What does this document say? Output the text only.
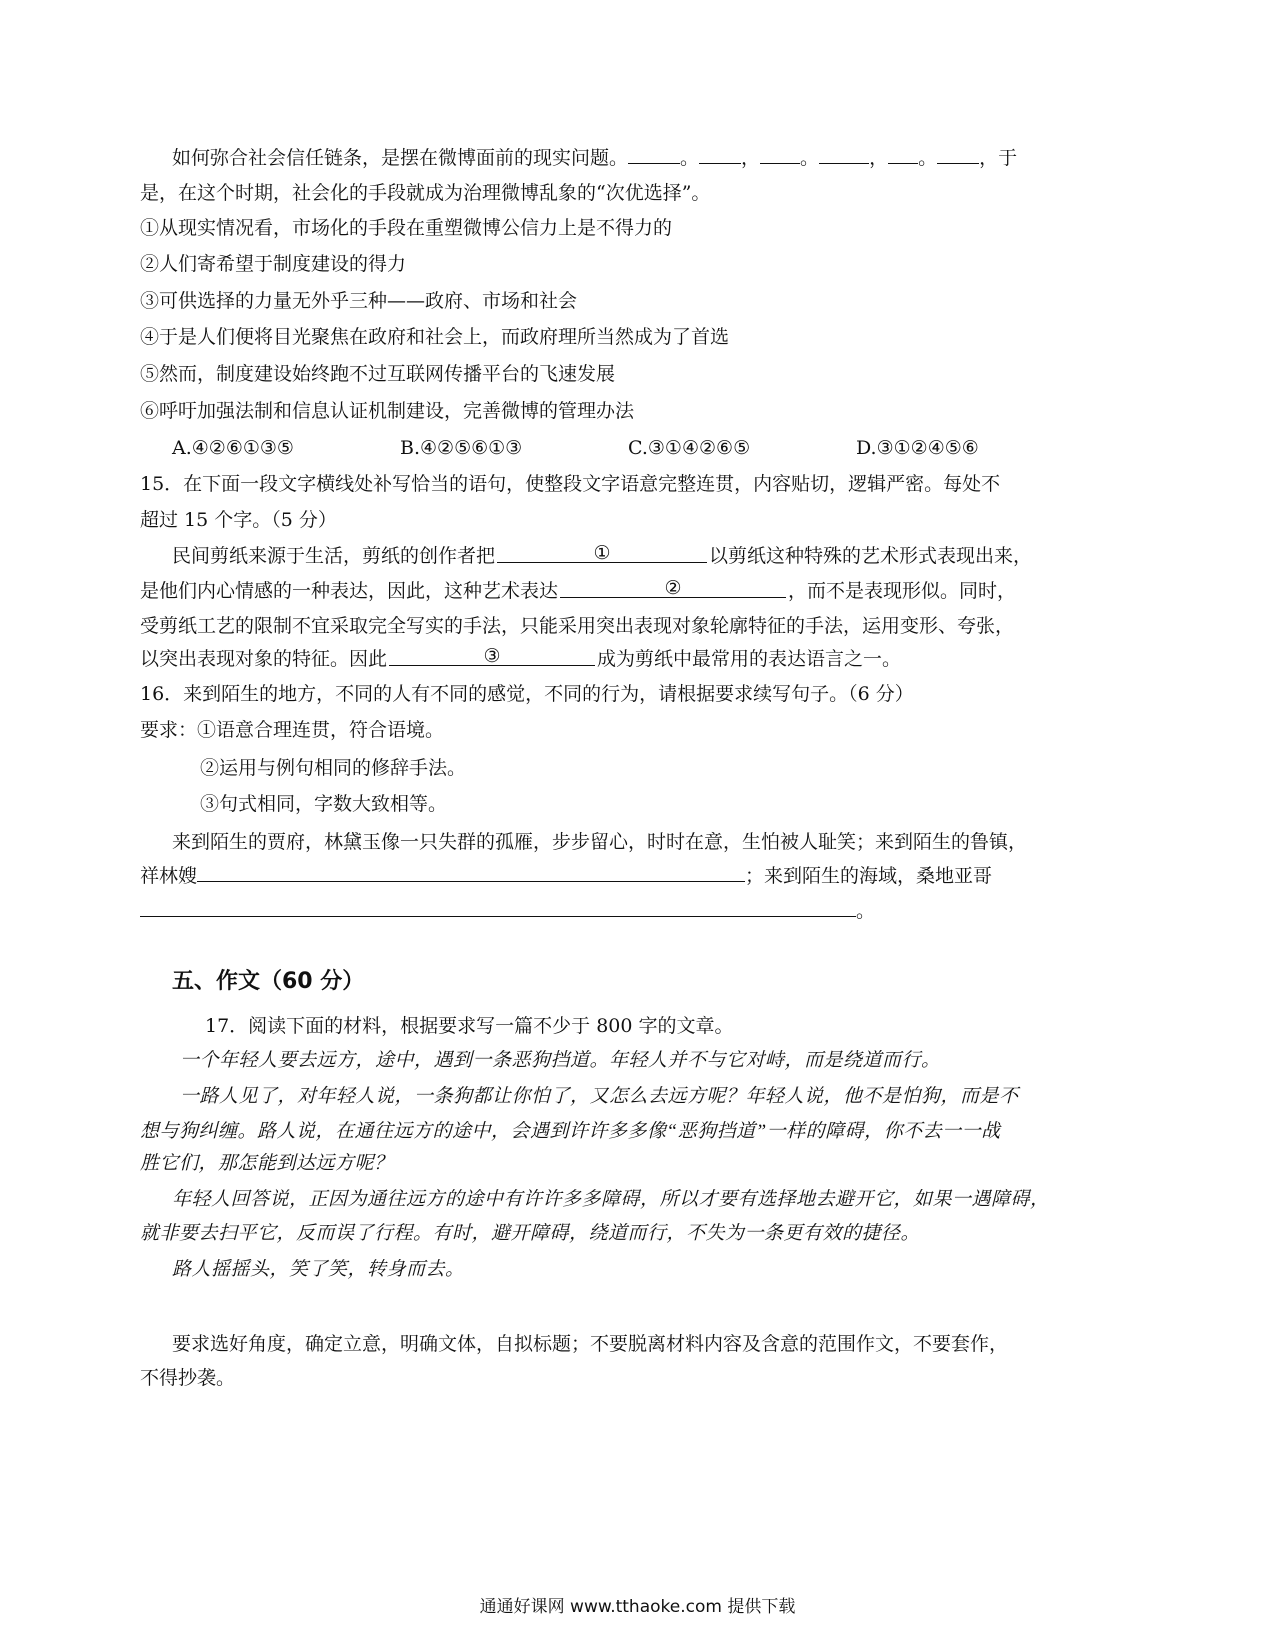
如何弥合社会信任链条，是摆在微博面前的现实问题。	。 ， 。	， 。 ，于
是，在这个时期，社会化的手段就成为治理微博乱象的“次优选择”。
①从现实情况看，市场化的手段在重塑微博公信力上是不得力的
②人们寄希望于制度建设的得力
③可供选择的力量无外乎三种——政府、市场和社会
④于是人们便将目光聚焦在政府和社会上，而政府理所当然成为了首选
⑤然而，制度建设始终跑不过互联网传播平台的飞速发展
⑥呼吁加强法制和信息认证机制建设，完善微博的管理办法
A.④②⑥①③⑤	B.④②⑤⑥①③	C.③①④②⑥⑤	D.③①②④⑤⑥
15．在下面一段文字横线处补写恰当的语句，使整段文字语意完整连贯，内容贴切，逻辑严密。每处不
超过 15 个字。（5 分）
民间剪纸来源于生活，剪纸的创作者把	①	以剪纸这种特殊的艺术形式表现出来，
是他们内心情感的一种表达，因此，这种艺术表达	②	，而不是表现形似。同时，
受剪纸工艺的限制不宜采取完全写实的手法，只能采用突出表现对象轮廓特征的手法，运用变形、夸张，
以突出表现对象的特征。因此	③	成为剪纸中最常用的表达语言之一。
16．来到陌生的地方，不同的人有不同的感觉，不同的行为，请根据要求续写句子。（6 分）
要求：①语意合理连贯，符合语境。
②运用与例句相同的修辞手法。
③句式相同，字数大致相等。
来到陌生的贾府，林黛玉像一只失群的孤雁，步步留心，时时在意，生怕被人耻笑；来到陌生的鲁镇，
祥林嫂	；来到陌生的海域，桑地亚哥
。
五、作文（60 分）
17．阅读下面的材料，根据要求写一篇不少于 800 字的文章。
一个年轻人要去远方，途中，遇到一条恶狗挡道。年轻人并不与它对峙，而是绕道而行。
一路人见了，对年轻人说，一条狗都让你怕了，又怎么去远方呢？年轻人说，他不是怕狗，而是不
想与狗纠缠。路人说，在通往远方的途中，会遇到许许多多像“恶狗挡道”一样的障碍，你不去一一战
胜它们，那怎能到达远方呢？
年轻人回答说，正因为通往远方的途中有许许多多障碍，所以才要有选择地去避开它，如果一遇障碍，
就非要去扫平它，反而误了行程。有时，避开障碍，绕道而行，不失为一条更有效的捷径。
路人摇摇头，笑了笑，转身而去。
要求选好角度，确定立意，明确文体，自拟标题；不要脱离材料内容及含意的范围作文，不要套作，
不得抄袭。
通通好课网 www.tthaoke.com 提供下载
